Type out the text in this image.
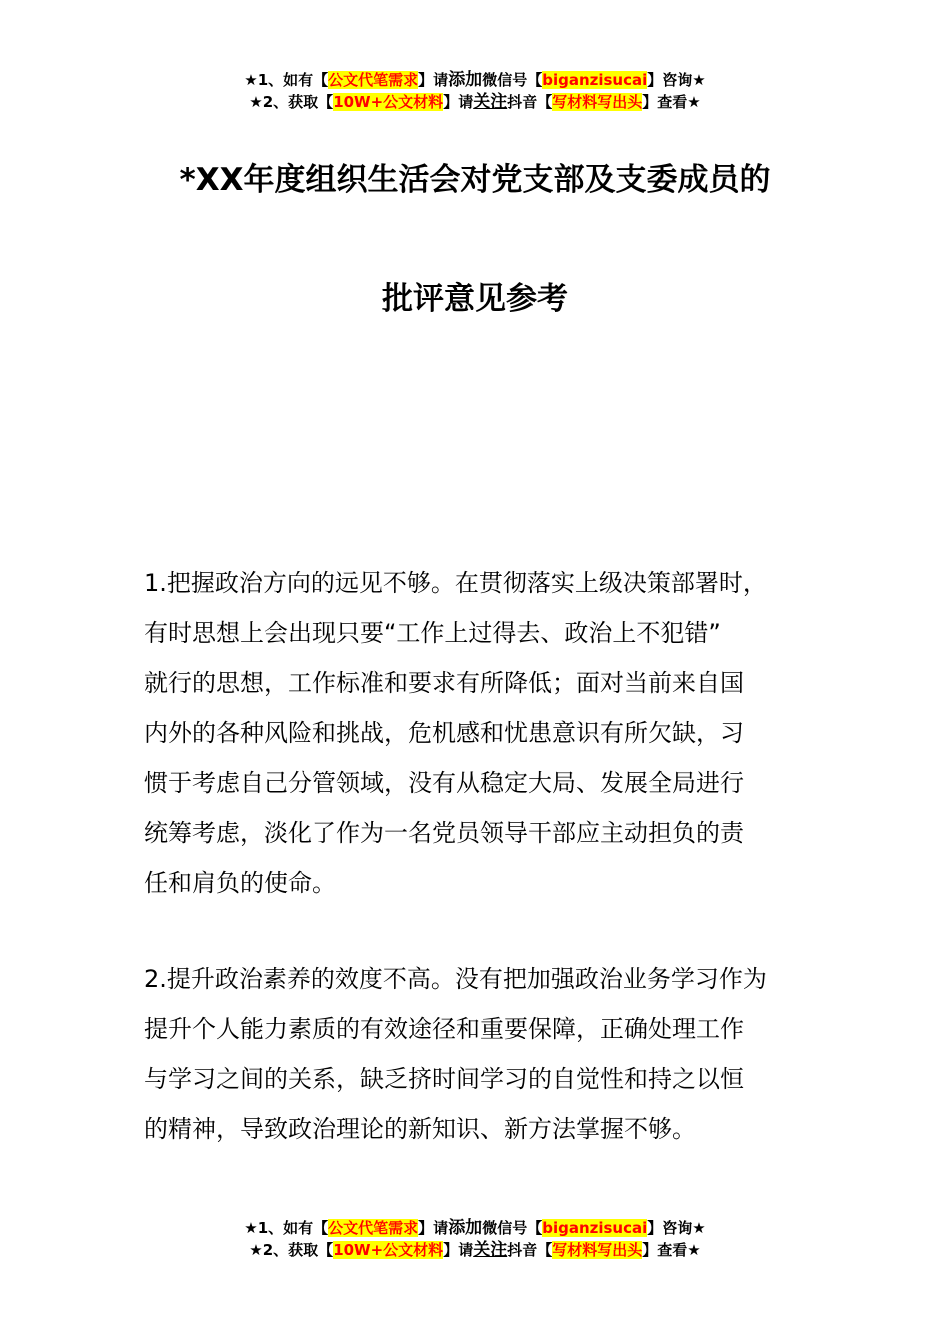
★1、如有【公文代笔需求】请添加微信号【biganzisucai】咨询★
★2、获取【10W+公文材料】请关注抖音【写材料写出头】查看★
*XX年度组织生活会对党支部及支委成员的
批评意见参考
1.把握政治方向的远见不够。在贯彻落实上级决策部署时，
有时思想上会出现只要“工作上过得去、政治上不犯错”
就行的思想，工作标准和要求有所降低；面对当前来自国
内外的各种风险和挑战，危机感和忧患意识有所欠缺，习
惯于考虑自己分管领域，没有从稳定大局、发展全局进行
统筹考虑，淡化了作为一名党员领导干部应主动担负的责
任和肩负的使命。
2.提升政治素养的效度不高。没有把加强政治业务学习作为
提升个人能力素质的有效途径和重要保障，正确处理工作
与学习之间的关系，缺乏挤时间学习的自觉性和持之以恒
的精神，导致政治理论的新知识、新方法掌握不够。
★1、如有【公文代笔需求】请添加微信号【biganzisucai】咨询★
★2、获取【10W+公文材料】请关注抖音【写材料写出头】查看★
